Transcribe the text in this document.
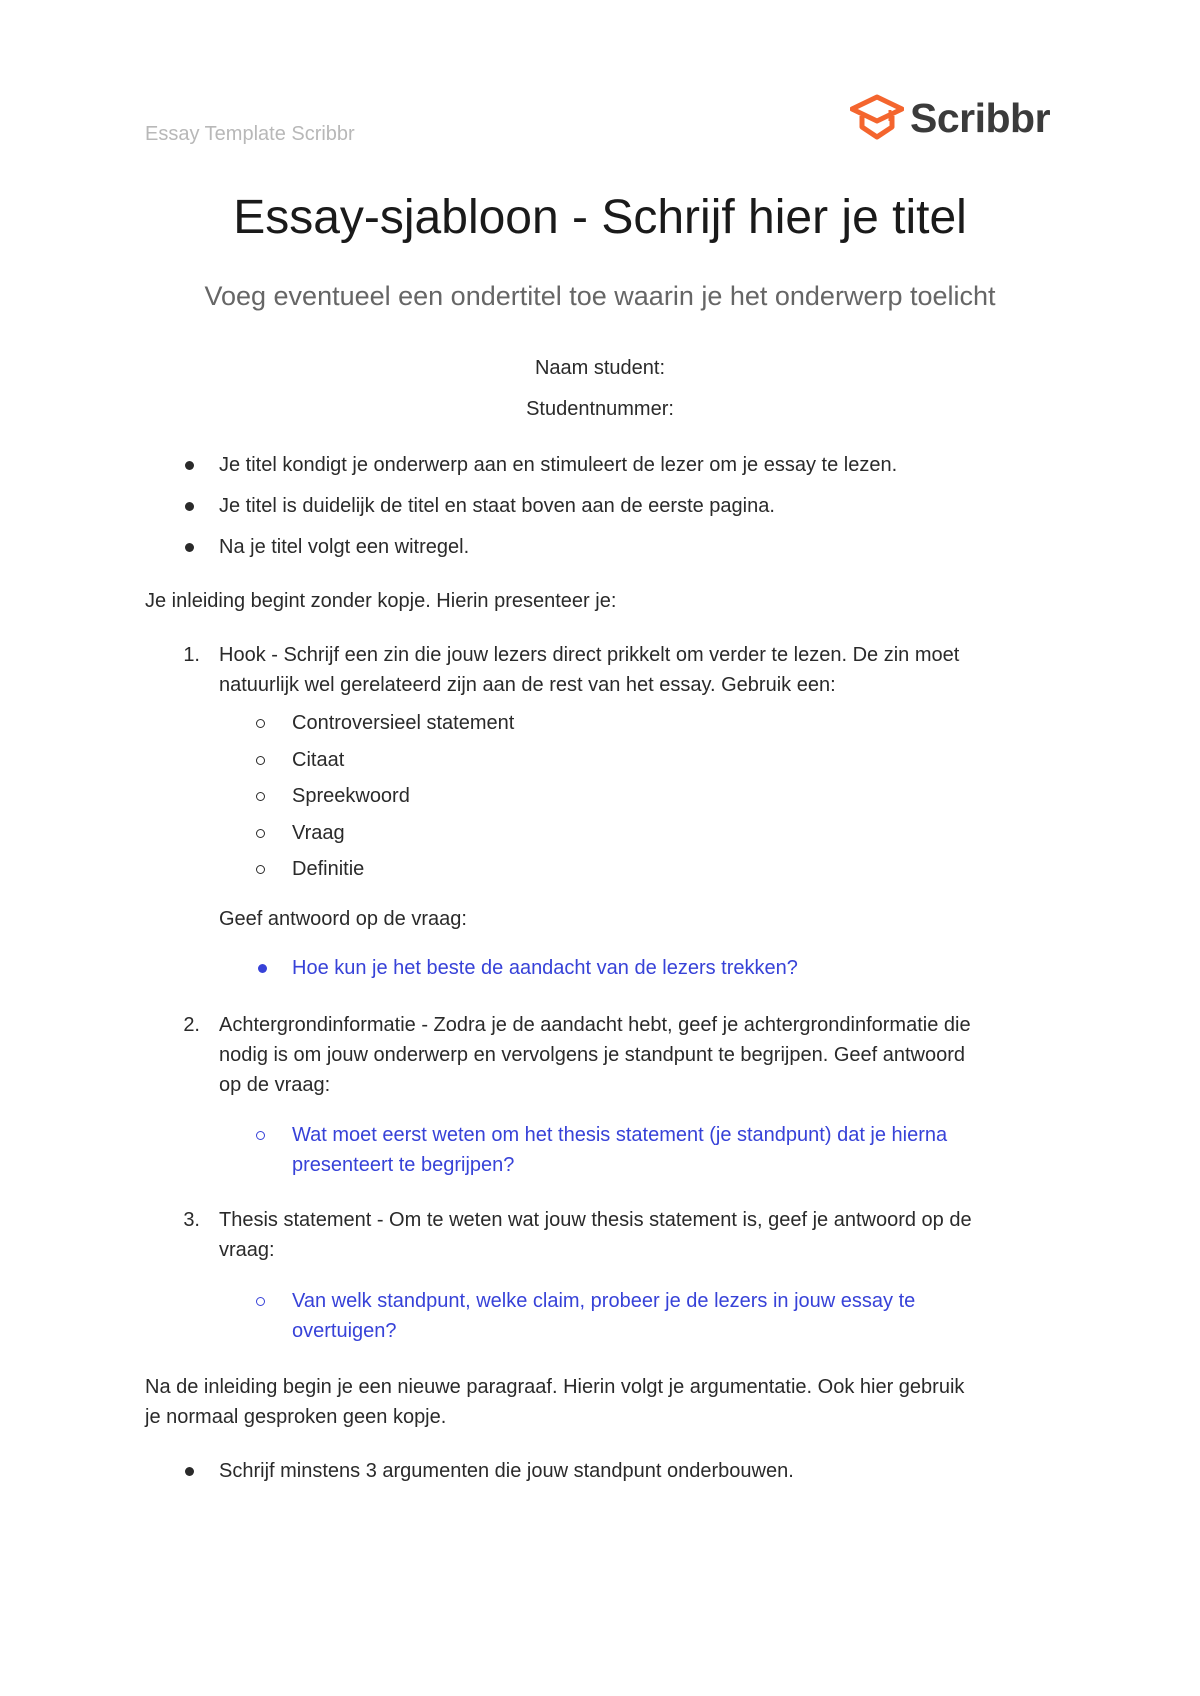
Essay Template Scribbr	Scribbr
Essay-sjabloon - Schrijf hier je titel
Voeg eventueel een ondertitel toe waarin je het onderwerp toelicht
Naam student:
Studentnummer:
Je titel kondigt je onderwerp aan en stimuleert de lezer om je essay te lezen.
Je titel is duidelijk de titel en staat boven aan de eerste pagina.
Na je titel volgt een witregel.
Je inleiding begint zonder kopje. Hierin presenteer je:
1. Hook - Schrijf een zin die jouw lezers direct prikkelt om verder te lezen. De zin moet
natuurlijk wel gerelateerd zijn aan de rest van het essay. Gebruik een:
Controversieel statement
Citaat
Spreekwoord
Vraag
Definitie
Geef antwoord op de vraag:
Hoe kun je het beste de aandacht van de lezers trekken?
2. Achtergrondinformatie - Zodra je de aandacht hebt, geef je achtergrondinformatie die
nodig is om jouw onderwerp en vervolgens je standpunt te begrijpen. Geef antwoord
op de vraag:
Wat moet eerst weten om het thesis statement (je standpunt) dat je hierna
presenteert te begrijpen?
3. Thesis statement - Om te weten wat jouw thesis statement is, geef je antwoord op de
vraag:
Van welk standpunt, welke claim, probeer je de lezers in jouw essay te
overtuigen?
Na de inleiding begin je een nieuwe paragraaf. Hierin volgt je argumentatie. Ook hier gebruik
je normaal gesproken geen kopje.
Schrijf minstens 3 argumenten die jouw standpunt onderbouwen.
